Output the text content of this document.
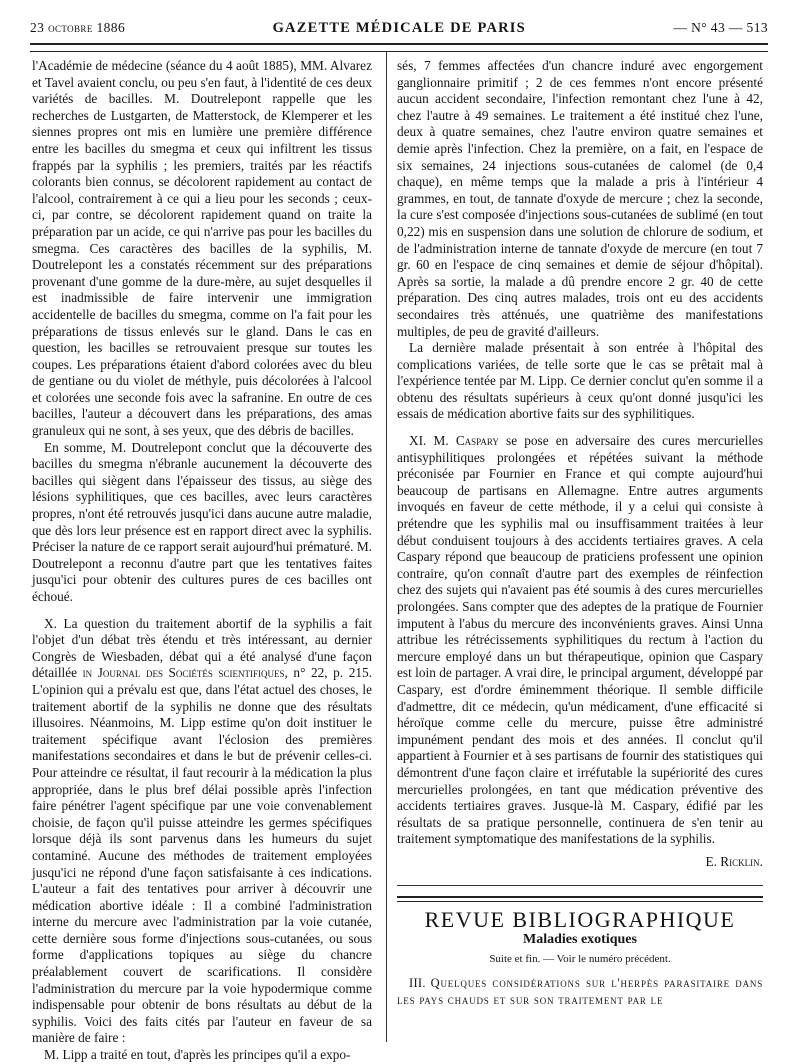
23 octobre 1886	GAZETTE MÉDICALE DE PARIS	— N° 43 — 513

l'Académie de médecine (séance du 4 août 1885), MM. Alvarez et Tavel avaient conclu, ou peu s'en faut, à l'identité de ces deux variétés de bacilles. M. Doutrelepont rappelle que les recherches de Lustgarten, de Matterstock, de Klemperer et les siennes propres ont mis en lumière une première différence entre les bacilles du smegma et ceux qui infiltrent les tissus frappés par la syphilis ; les premiers, traités par les réactifs colorants bien connus, se décolorent rapidement au contact de l'alcool, contrairement à ce qui a lieu pour les seconds ; ceux-ci, par contre, se décolorent rapidement quand on traite la préparation par un acide, ce qui n'arrive pas pour les bacilles du smegma. Ces caractères des bacilles de la syphilis, M. Doutrelepont les a constatés récemment sur des préparations provenant d'une gomme de la dure-mère, au sujet desquelles il est inadmissible de faire intervenir une immigration accidentelle de bacilles du smegma, comme on l'a fait pour les préparations de tissus enlevés sur le gland. Dans le cas en question, les bacilles se retrouvaient presque sur toutes les coupes. Les préparations étaient d'abord colorées avec du bleu de gentiane ou du violet de méthyle, puis décolorées à l'alcool et colorées une seconde fois avec la safranine. En outre de ces bacilles, l'auteur a découvert dans les préparations, des amas granuleux qui ne sont, à ses yeux, que des débris de bacilles.

En somme, M. Doutrelepont conclut que la découverte des bacilles du smegma n'ébranle aucunement la découverte des bacilles qui siègent dans l'épaisseur des tissus, au siège des lésions syphilitiques, que ces bacilles, avec leurs caractères propres, n'ont été retrouvés jusqu'ici dans aucune autre maladie, que dès lors leur présence est en rapport direct avec la syphilis. Préciser la nature de ce rapport serait aujourd'hui prématuré. M. Doutrelepont a reconnu d'autre part que les tentatives faites jusqu'ici pour obtenir des cultures pures de ces bacilles ont échoué.

X. La question du traitement abortif de la syphilis a fait l'objet d'un débat très étendu et très intéressant, au dernier Congrès de Wiesbaden, débat qui a été analysé d'une façon détaillée in Journal des Sociétés scientifiques, n° 22, p. 215. L'opinion qui a prévalu est que, dans l'état actuel des choses, le traitement abortif de la syphilis ne donne que des résultats illusoires. Néanmoins, M. Lipp estime qu'on doit instituer le traitement spécifique avant l'éclosion des premières manifestations secondaires et dans le but de prévenir celles-ci. Pour atteindre ce résultat, il faut recourir à la médication la plus appropriée, dans le plus bref délai possible après l'infection faire pénétrer l'agent spécifique par une voie convenablement choisie, de façon qu'il puisse atteindre les germes spécifiques lorsque déjà ils sont parvenus dans les humeurs du sujet contaminé. Aucune des méthodes de traitement employées jusqu'ici ne répond d'une façon satisfaisante à ces indications. L'auteur a fait des tentatives pour arriver à découvrir une médication abortive idéale : Il a combiné l'administration interne du mercure avec l'administration par la voie cutanée, cette dernière sous forme d'injections sous-cutanées, ou sous forme d'applications topiques au siège du chancre préalablement couvert de scarifications. Il considère l'administration du mercure par la voie hypodermique comme indispensable pour obtenir de bons résultats au début de la syphilis. Voici des faits cités par l'auteur en faveur de sa manière de faire :

M. Lipp a traité en tout, d'après les principes qu'il a expo-

sés, 7 femmes affectées d'un chancre induré avec engorgement ganglionnaire primitif ; 2 de ces femmes n'ont encore présenté aucun accident secondaire, l'infection remontant chez l'une à 42, chez l'autre à 49 semaines. Le traitement a été institué chez l'une, deux à quatre semaines, chez l'autre environ quatre semaines et demie après l'infection. Chez la première, on a fait, en l'espace de six semaines, 24 injections sous-cutanées de calomel (de 0,4 chaque), en même temps que la malade a pris à l'intérieur 4 grammes, en tout, de tannate d'oxyde de mercure ; chez la seconde, la cure s'est composée d'injections sous-cutanées de sublimé (en tout 0,22) mis en suspension dans une solution de chlorure de sodium, et de l'administration interne de tannate d'oxyde de mercure (en tout 7 gr. 60 en l'espace de cinq semaines et demie de séjour d'hôpital). Après sa sortie, la malade a dû prendre encore 2 gr. 40 de cette préparation. Des cinq autres malades, trois ont eu des accidents secondaires très atténués, une quatrième des manifestations multiples, de peu de gravité d'ailleurs.

La dernière malade présentait à son entrée à l'hôpital des complications variées, de telle sorte que le cas se prêtait mal à l'expérience tentée par M. Lipp. Ce dernier conclut qu'en somme il a obtenu des résultats supérieurs à ceux qu'ont donné jusqu'ici les essais de médication abortive faits sur des syphilitiques.

XI. M. Caspary se pose en adversaire des cures mercurielles antisyphilitiques prolongées et répétées suivant la méthode préconisée par Fournier en France et qui compte aujourd'hui beaucoup de partisans en Allemagne. Entre autres arguments invoqués en faveur de cette méthode, il y a celui qui consiste à prétendre que les syphilis mal ou insuffisamment traitées à leur début conduisent toujours à des accidents tertiaires graves. A cela Caspary répond que beaucoup de praticiens professent une opinion contraire, qu'on connaît d'autre part des exemples de réinfection chez des sujets qui n'avaient pas été soumis à des cures mercurielles prolongées. Sans compter que des adeptes de la pratique de Fournier imputent à l'abus du mercure des inconvénients graves. Ainsi Unna attribue les rétrécissements syphilitiques du rectum à l'action du mercure employé dans un but thérapeutique, opinion que Caspary est loin de partager. A vrai dire, le principal argument, développé par Caspary, est d'ordre éminemment théorique. Il semble difficile d'admettre, dit ce médecin, qu'un médicament, d'une efficacité si héroïque comme celle du mercure, puisse être administré impunément pendant des mois et des années. Il conclut qu'il appartient à Fournier et à ses partisans de fournir des statistiques qui démontrent d'une façon claire et irréfutable la supériorité des cures mercurielles prolongées, en tant que médication préventive des accidents tertiaires graves. Jusque-là M. Caspary, édifié par les résultats de sa pratique personnelle, continuera de s'en tenir au traitement symptomatique des manifestations de la syphilis.

E. Ricklin.
REVUE BIBLIOGRAPHIQUE
Maladies exotiques
Suite et fin. — Voir le numéro précédent.

III. Quelques considérations sur l'herpès parasitaire dans les pays chauds et sur son traitement par le
